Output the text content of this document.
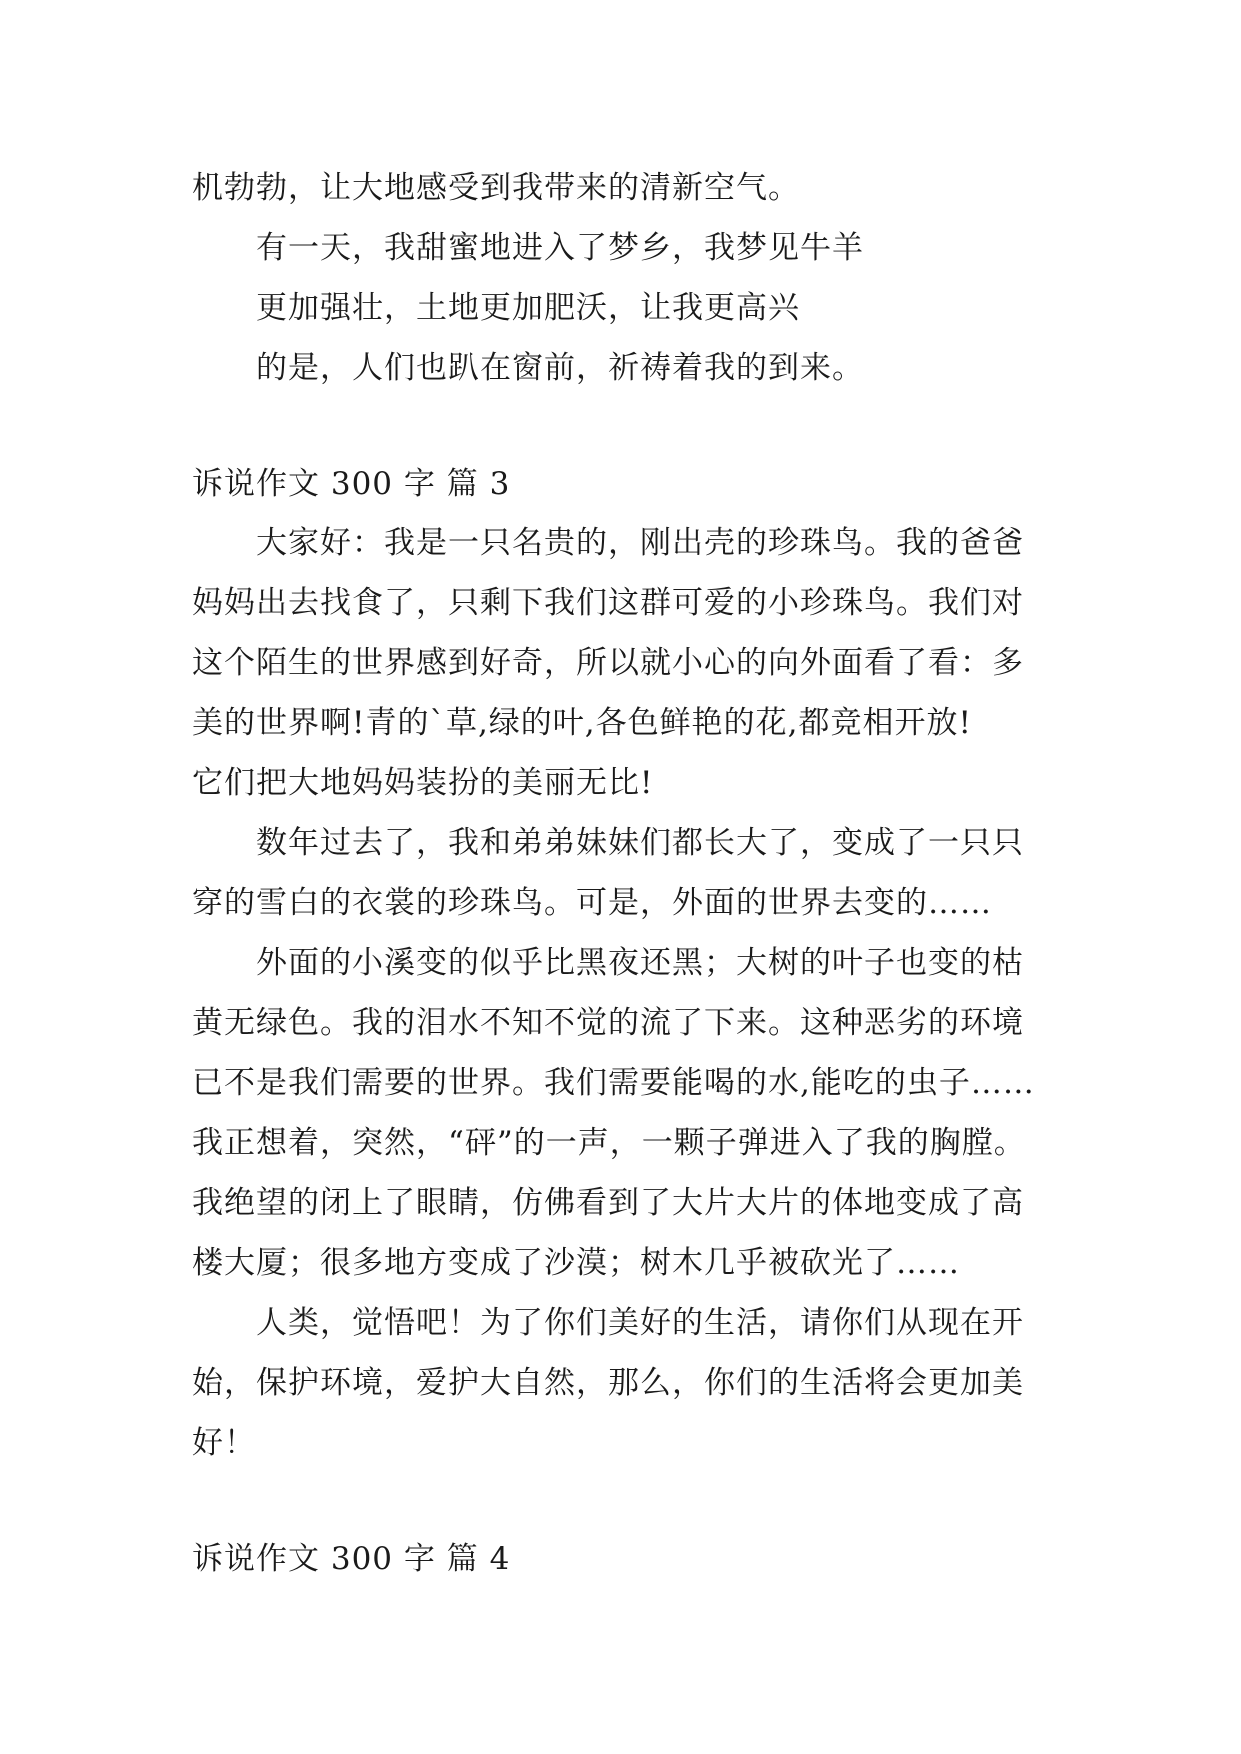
机勃勃，让大地感受到我带来的清新空气。
有一天，我甜蜜地进入了梦乡，我梦见牛羊
更加强壮，土地更加肥沃，让我更高兴
的是，人们也趴在窗前，祈祷着我的到来。
诉说作文 300 字 篇 3
大家好：我是一只名贵的，刚出壳的珍珠鸟。我的爸爸
妈妈出去找食了，只剩下我们这群可爱的小珍珠鸟。我们对
这个陌生的世界感到好奇，所以就小心的向外面看了看：多
美的世界啊!青的`草,绿的叶,各色鲜艳的花,都竞相开放!
它们把大地妈妈装扮的美丽无比!
数年过去了，我和弟弟妹妹们都长大了，变成了一只只
穿的雪白的衣裳的珍珠鸟。可是，外面的世界去变的……
外面的小溪变的似乎比黑夜还黑；大树的叶子也变的枯
黄无绿色。我的泪水不知不觉的流了下来。这种恶劣的环境
已不是我们需要的世界。我们需要能喝的水,能吃的虫子……
我正想着，突然，“砰”的一声，一颗子弹进入了我的胸膛。
我绝望的闭上了眼睛，仿佛看到了大片大片的体地变成了高
楼大厦；很多地方变成了沙漠；树木几乎被砍光了……
人类，觉悟吧！为了你们美好的生活，请你们从现在开
始，保护环境，爱护大自然，那么，你们的生活将会更加美
好！
诉说作文 300 字 篇 4
